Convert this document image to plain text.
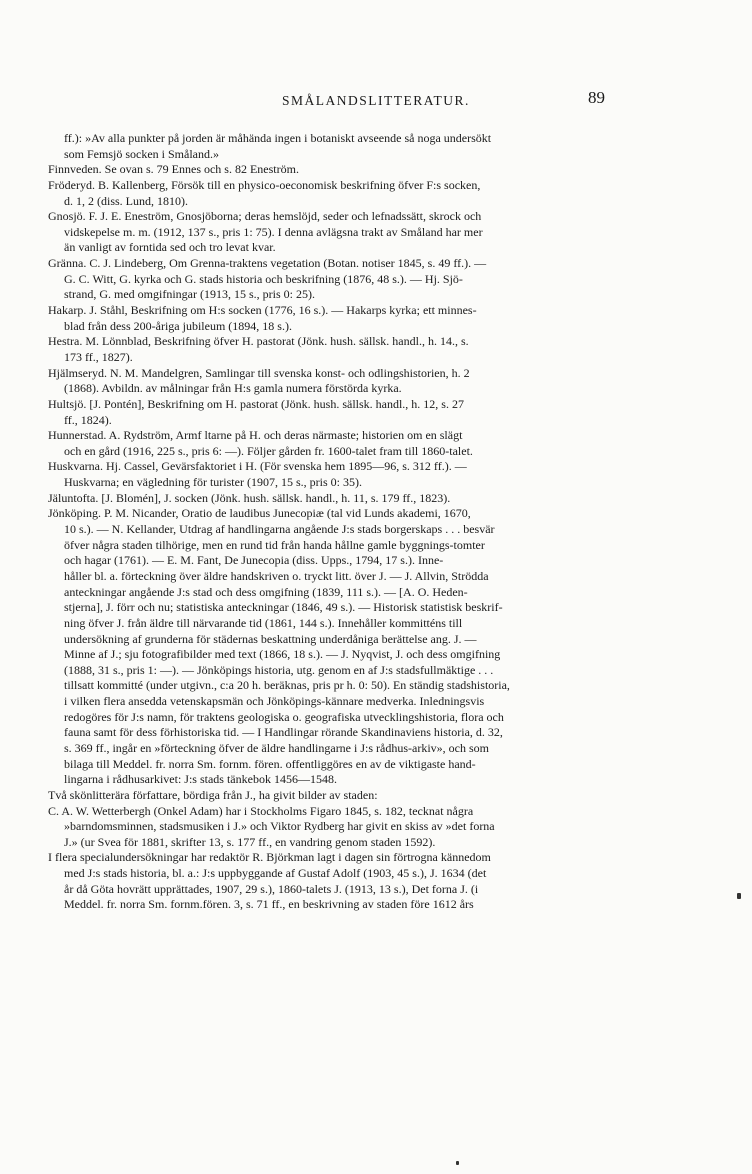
SMÅLANDSLITTERATUR.	89
ff.): »Av alla punkter på jorden är måhända ingen i botaniskt avseende så noga undersökt
som Femsjö socken i Småland.»
Finnveden. Se ovan s. 79 Ennes och s. 82 Eneström.
Fröderyd. B. Kallenberg, Försök till en physico-oeconomisk beskrifning öfver F:s socken,
d. 1, 2 (diss. Lund, 1810).
Gnosjö. F. J. E. Eneström, Gnosjöborna; deras hemslöjd, seder och lefnadssätt, skrock och
vidskepelse m. m. (1912, 137 s., pris 1: 75). I denna avlägsna trakt av Småland har mer
än vanligt av forntida sed och tro levat kvar.
Gränna. C. J. Lindeberg, Om Grenna-traktens vegetation (Botan. notiser 1845, s. 49 ff.). —
G. C. Witt, G. kyrka och G. stads historia och beskrifning (1876, 48 s.). — Hj. Sjö-
strand, G. med omgifningar (1913, 15 s., pris 0: 25).
Hakarp. J. Ståhl, Beskrifning om H:s socken (1776, 16 s.). — Hakarps kyrka; ett minnes-
blad från dess 200-åriga jubileum (1894, 18 s.).
Hestra. M. Lönnblad, Beskrifning öfver H. pastorat (Jönk. hush. sällsk. handl., h. 14., s.
173 ff., 1827).
Hjälmseryd. N. M. Mandelgren, Samlingar till svenska konst- och odlingshistorien, h. 2
(1868). Avbildn. av målningar från H:s gamla numera förstörda kyrka.
Hultsjö. [J. Pontén], Beskrifning om H. pastorat (Jönk. hush. sällsk. handl., h. 12, s. 27
ff., 1824).
Hunnerstad. A. Rydström, Armf ltarne på H. och deras närmaste; historien om en slägt
och en gård (1916, 225 s., pris 6: —). Följer gården fr. 1600-talet fram till 1860-talet.
Huskvarna. Hj. Cassel, Gevärsfaktoriet i H. (För svenska hem 1895—96, s. 312 ff.). —
Huskvarna; en vägledning för turister (1907, 15 s., pris 0: 35).
Jäluntofta. [J. Blomén], J. socken (Jönk. hush. sällsk. handl., h. 11, s. 179 ff., 1823).
Jönköping. P. M. Nicander, Oratio de laudibus Junecopiæ (tal vid Lunds akademi, 1670,
10 s.). — N. Kellander, Utdrag af handlingarna angående J:s stads borgerskaps . . . besvär
öfver några staden tilhörige, men en rund tid från handa hållne gamle byggnings-tomter
och hagar (1761). — E. M. Fant, De Junecopia (diss. Upps., 1794, 17 s.). Inne-
håller bl. a. förteckning över äldre handskriven o. tryckt litt. över J. — J. Allvin, Strödda
anteckningar angående J:s stad och dess omgifning (1839, 111 s.). — [A. O. Heden-
stjerna], J. förr och nu; statistiska anteckningar (1846, 49 s.). — Historisk statistisk beskrif-
ning öfver J. från äldre till närvarande tid (1861, 144 s.). Innehåller kommitténs till
undersökning af grunderna för städernas beskattning underdåniga berättelse ang. J. —
Minne af J.; sju fotografibilder med text (1866, 18 s.). — J. Nyqvist, J. och dess omgifning
(1888, 31 s., pris 1: —). — Jönköpings historia, utg. genom en af J:s stadsfullmäktige . . .
tillsatt kommitté (under utgivn., c:a 20 h. beräknas, pris pr h. 0: 50). En ständig stadshistoria,
i vilken flera ansedda vetenskapsmän och Jönköpings-kännare medverka. Inledningsvis
redogöres för J:s namn, för traktens geologiska o. geografiska utvecklingshistoria, flora och
fauna samt för dess förhistoriska tid. — I Handlingar rörande Skandinaviens historia, d. 32,
s. 369 ff., ingår en »förteckning öfver de äldre handlingarne i J:s rådhus-arkiv», och som
bilaga till Meddel. fr. norra Sm. fornm. fören. offentliggöres en av de viktigaste hand-
lingarna i rådhusarkivet: J:s stads tänkebok 1456—1548.
Två skönlitterära författare, bördiga från J., ha givit bilder av staden:
C. A. W. Wetterbergh (Onkel Adam) har i Stockholms Figaro 1845, s. 182, tecknat några
»barndomsminnen, stadsmusiken i J.» och Viktor Rydberg har givit en skiss av »det forna
J.» (ur Svea för 1881, skrifter 13, s. 177 ff., en vandring genom staden 1592).
I flera specialundersökningar har redaktör R. Björkman lagt i dagen sin förtrogna kännedom
med J:s stads historia, bl. a.: J:s uppbyggande af Gustaf Adolf (1903, 45 s.), J. 1634 (det
år då Göta hovrätt upprättades, 1907, 29 s.), 1860-talets J. (1913, 13 s.), Det forna J. (i
Meddel. fr. norra Sm. fornm.fören. 3, s. 71 ff., en beskrivning av staden före 1612 års
